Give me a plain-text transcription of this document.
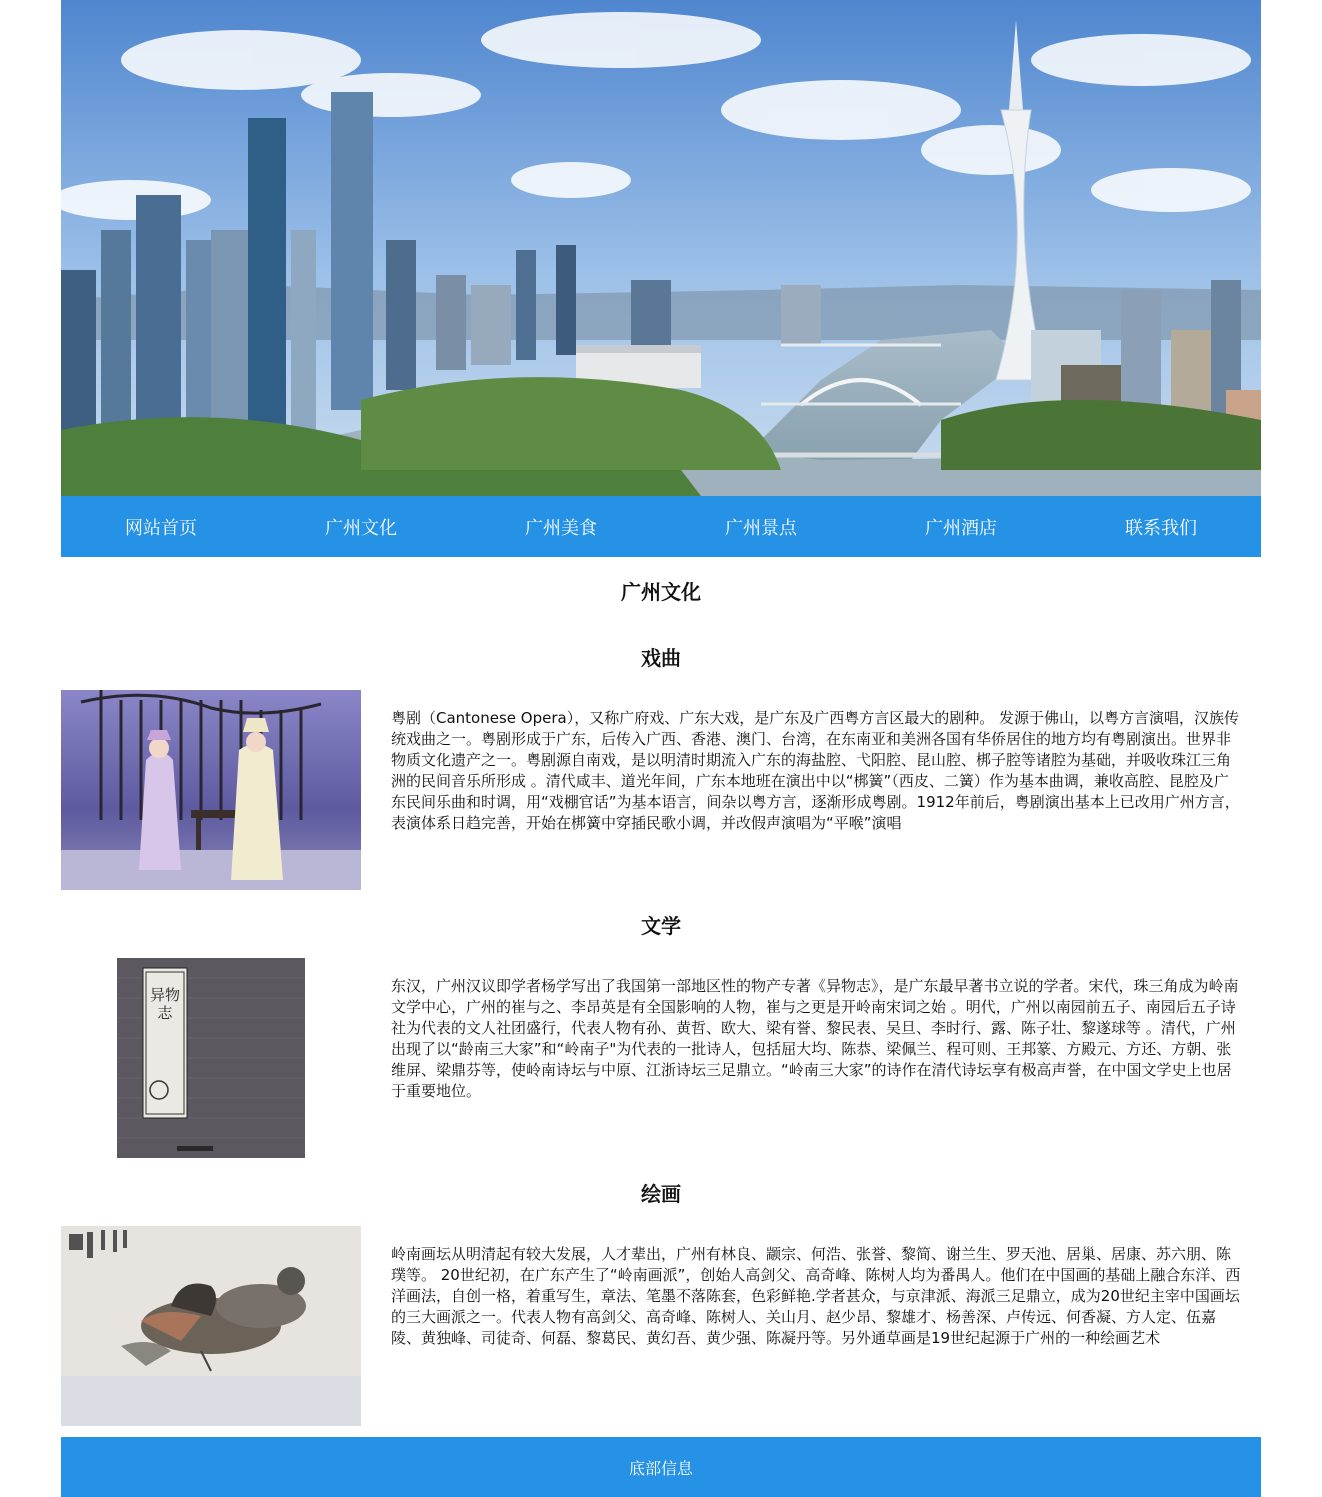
网站首页	广州文化	广州美食	广州景点	广州酒店	联系我们
广州文化
戏曲
粤剧（Cantonese Opera），又称广府戏、广东大戏，是广东及广西粤方言区最大的剧种。 发源于佛山，以粤方言演唱，汉族传统戏曲之一。粤剧形成于广东，后传入广西、香港、澳门、台湾，在东南亚和美洲各国有华侨居住的地方均有粤剧演出。世界非物质文化遗产之一。粤剧源自南戏，是以明清时期流入广东的海盐腔、弋阳腔、昆山腔、梆子腔等诸腔为基础，并吸收珠江三角洲的民间音乐所形成 。清代咸丰、道光年间，广东本地班在演出中以“梆簧”（西皮、二簧）作为基本曲调，兼收高腔、昆腔及广东民间乐曲和时调，用“戏棚官话”为基本语言，间杂以粤方言，逐渐形成粤剧。1912年前后，粤剧演出基本上已改用广州方言，表演体系日趋完善，开始在梆簧中穿插民歌小调，并改假声演唱为“平喉”演唱
文学
异物志
东汉，广州汉议即学者杨学写出了我国第一部地区性的物产专著《异物志》，是广东最早著书立说的学者。宋代，珠三角成为岭南文学中心，广州的崔与之、李昂英是有全国影响的人物，崔与之更是开岭南宋词之始 。明代，广州以南园前五子、南园后五子诗社为代表的文人社团盛行，代表人物有孙、黄哲、欧大、梁有誉、黎民表、吴旦、李时行、露、陈子壮、黎遂球等 。清代，广州出现了以“龄南三大家”和“岭南子"为代表的一批诗人，包括屈大均、陈恭、梁佩兰、程可则、王邦篆、方殿元、方还、方朝、张维屏、梁鼎芬等，使岭南诗坛与中原、江浙诗坛三足鼎立。“岭南三大家”的诗作在清代诗坛享有极高声誉，在中国文学史上也居于重要地位。
绘画
岭南画坛从明清起有较大发展，人才辈出，广州有林良、颛宗、何浩、张誉、黎简、谢兰生、罗天池、居巢、居康、苏六朋、陈璞等。 20世纪初，在广东产生了“岭南画派”，创始人高剑父、高奇峰、陈树人均为番禺人。他们在中国画的基础上融合东洋、西洋画法，自创一格，着重写生，章法、笔墨不落陈套，色彩鲜艳.学者甚众，与京津派、海派三足鼎立，成为20世纪主宰中国画坛的三大画派之一。代表人物有高剑父、高奇峰、陈树人、关山月、赵少昂、黎雄才、杨善深、卢传远、何香凝、方人定、伍嘉陵、黄独峰、司徒奇、何磊、黎葛民、黄幻吾、黄少强、陈凝丹等。另外通草画是19世纪起源于广州的一种绘画艺术
底部信息
